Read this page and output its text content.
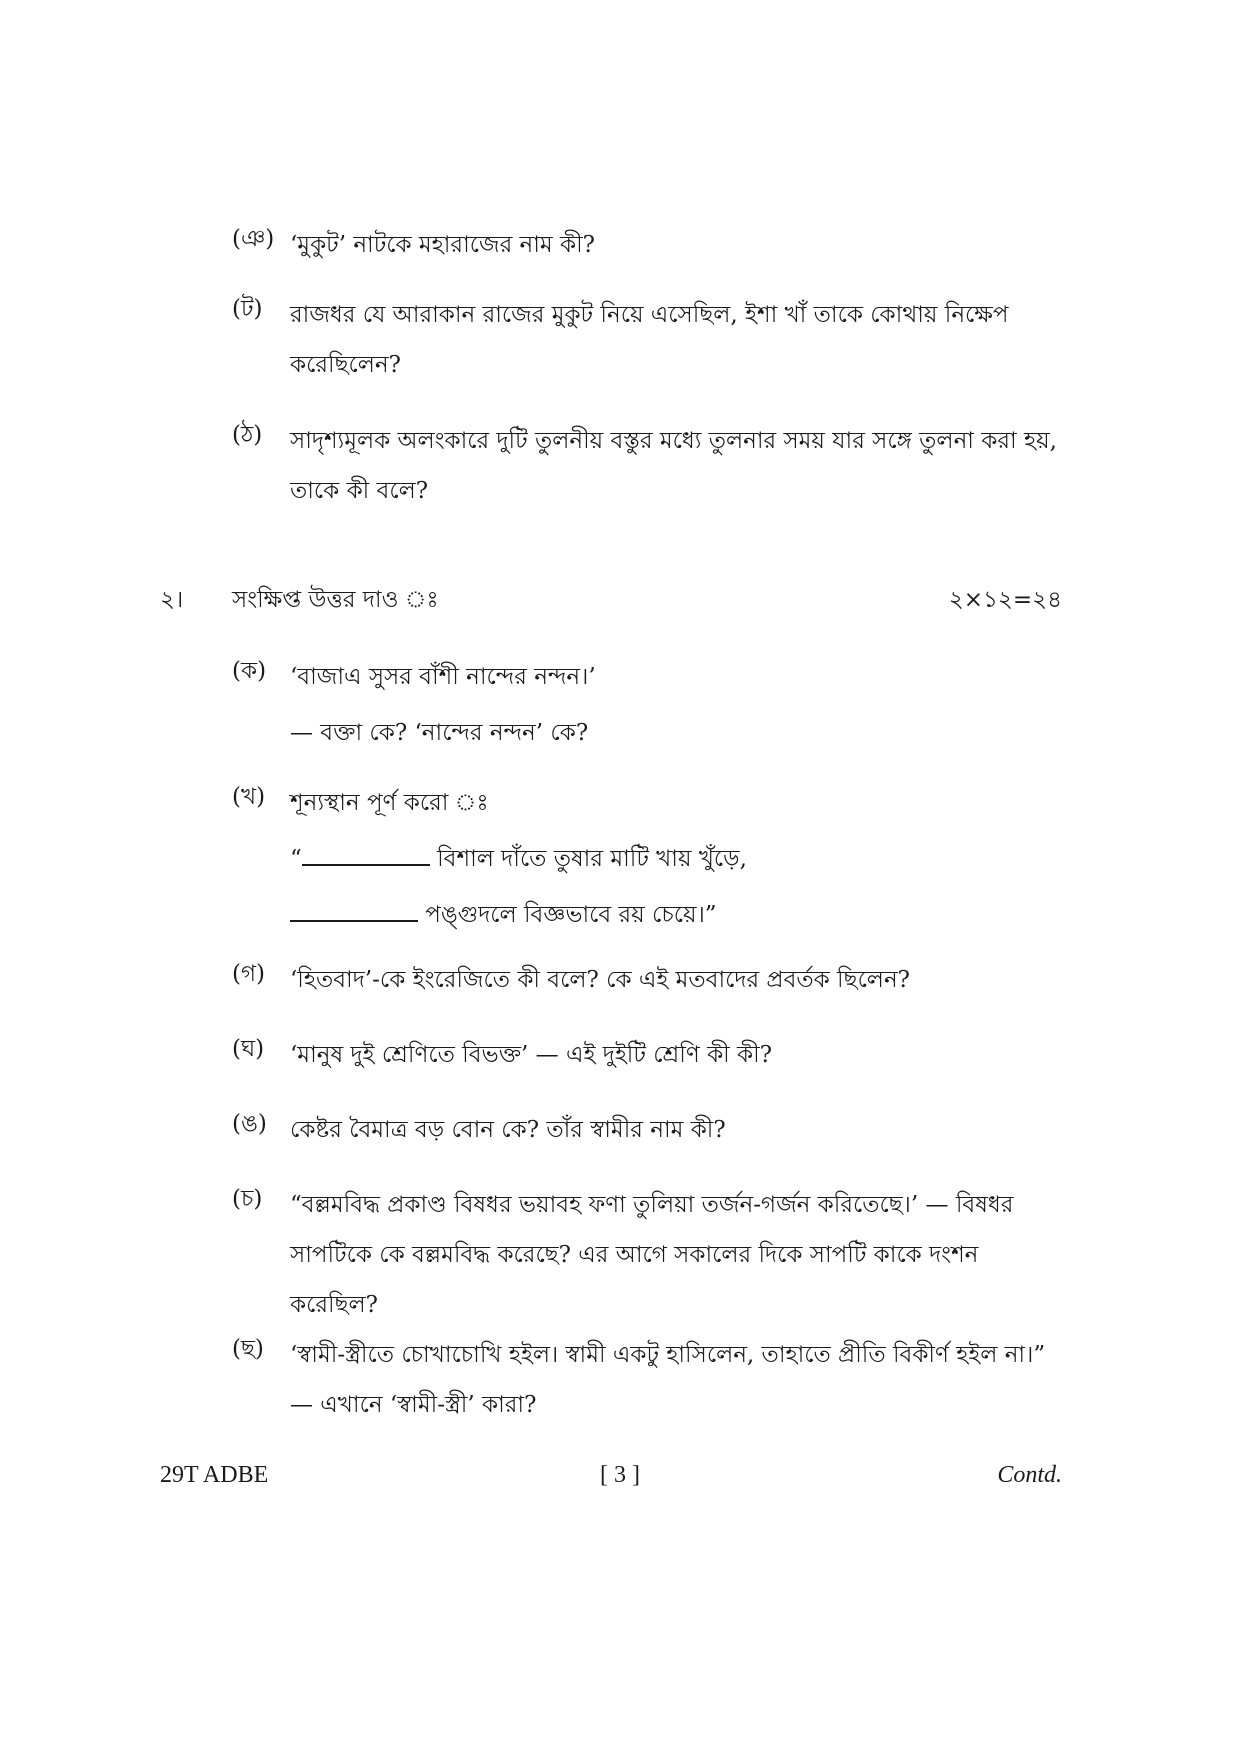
(ঞ) ‘মুকুট’ নাটকে মহারাজের নাম কী?
(ট)	রাজধর যে আরাকান রাজের মুকুট নিয়ে এসেছিল, ইশা খাঁ তাকে কোথায় নিক্ষেপ
করেছিলেন?
(ঠ)	সাদৃশ্যমূলক অলংকারে দুটি তুলনীয় বস্তুর মধ্যে তুলনার সময় যার সঙ্গে তুলনা করা হয়,
তাকে কী বলে?
২। সংক্ষিপ্ত উত্তর দাও ঃ	২×১২=২৪
(ক)	‘বাজাএ সুসর বাঁশী নান্দের নন্দন।’
— বক্তা কে? ‘নান্দের নন্দন’ কে?
(খ)	শূন্যস্থান পূর্ণ করো ঃ
“	বিশাল দাঁতে তুষার মাটি খায় খুঁড়ে,
পঙ্গুদলে বিজ্ঞভাবে রয় চেয়ে।”
(গ)	‘হিতবাদ’-কে ইংরেজিতে কী বলে? কে এই মতবাদের প্রবর্তক ছিলেন?
(ঘ)	‘মানুষ দুই শ্রেণিতে বিভক্ত’ — এই দুইটি শ্রেণি কী কী?
(ঙ)	কেষ্টর বৈমাত্র বড় বোন কে? তাঁর স্বামীর নাম কী?
(চ)	“বল্লমবিদ্ধ প্রকাণ্ড বিষধর ভয়াবহ ফণা তুলিয়া তর্জন-গর্জন করিতেছে।’ — বিষধর
সাপটিকে কে বল্লমবিদ্ধ করেছে? এর আগে সকালের দিকে সাপটি কাকে দংশন
করেছিল?
(ছ)	‘স্বামী-স্ত্রীতে চোখাচোখি হইল। স্বামী একটু হাসিলেন, তাহাতে প্রীতি বিকীর্ণ হইল না।”
— এখানে ‘স্বামী-স্ত্রী’ কারা?
[ 3 ]
29T ADBE	Contd.
